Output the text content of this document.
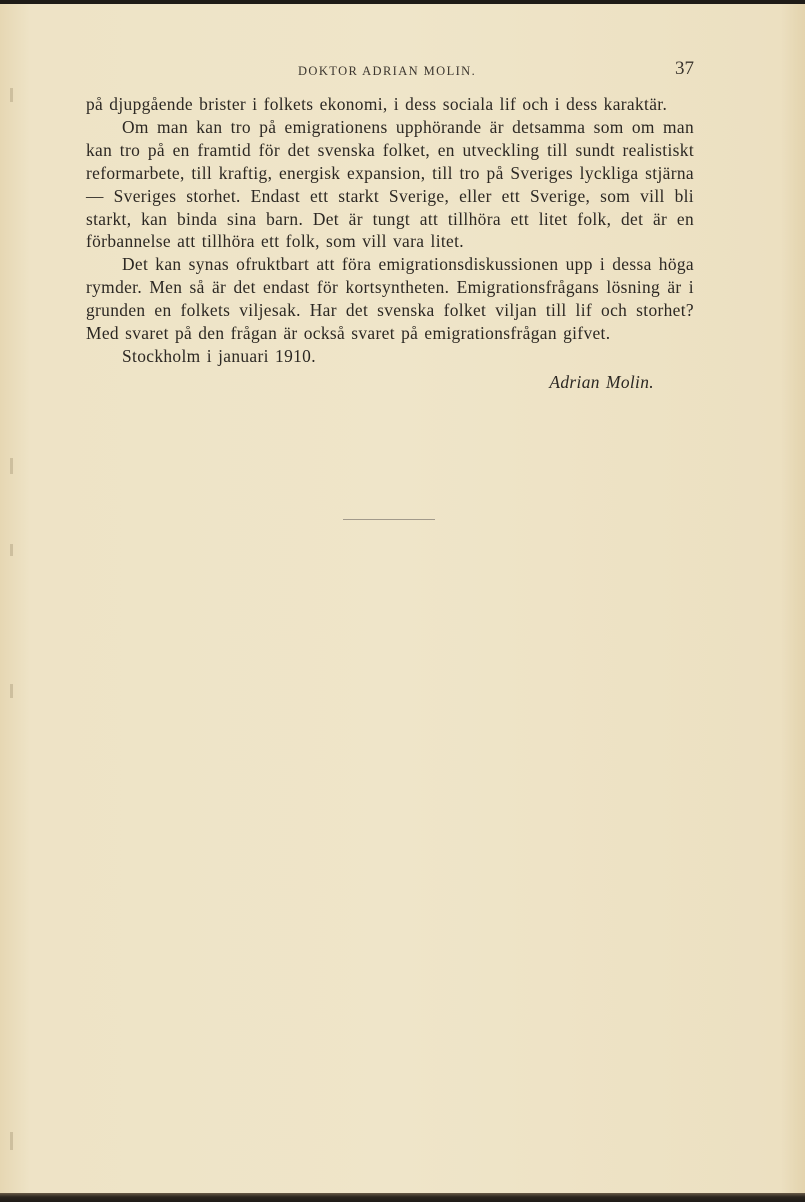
DOKTOR ADRIAN MOLIN.	37

på djupgående brister i folkets ekonomi, i dess sociala lif och i dess karaktär.

Om man kan tro på emigrationens upphörande är detsamma som om man kan tro på en framtid för det svenska folket, en utveckling till sundt realistiskt reformarbete, till kraftig, energisk expansion, till tro på Sveriges lyckliga stjärna — Sveriges storhet. Endast ett starkt Sverige, eller ett Sverige, som vill bli starkt, kan binda sina barn. Det är tungt att tillhöra ett litet folk, det är en förbannelse att tillhöra ett folk, som vill vara litet.

Det kan synas ofruktbart att föra emigrationsdiskussionen upp i dessa höga rymder. Men så är det endast för kortsyntheten. Emigrationsfrågans lösning är i grunden en folkets viljesak. Har det svenska folket viljan till lif och storhet? Med svaret på den frågan är också svaret på emigrationsfrågan gifvet.

Stockholm i januari 1910.

Adrian Molin.
